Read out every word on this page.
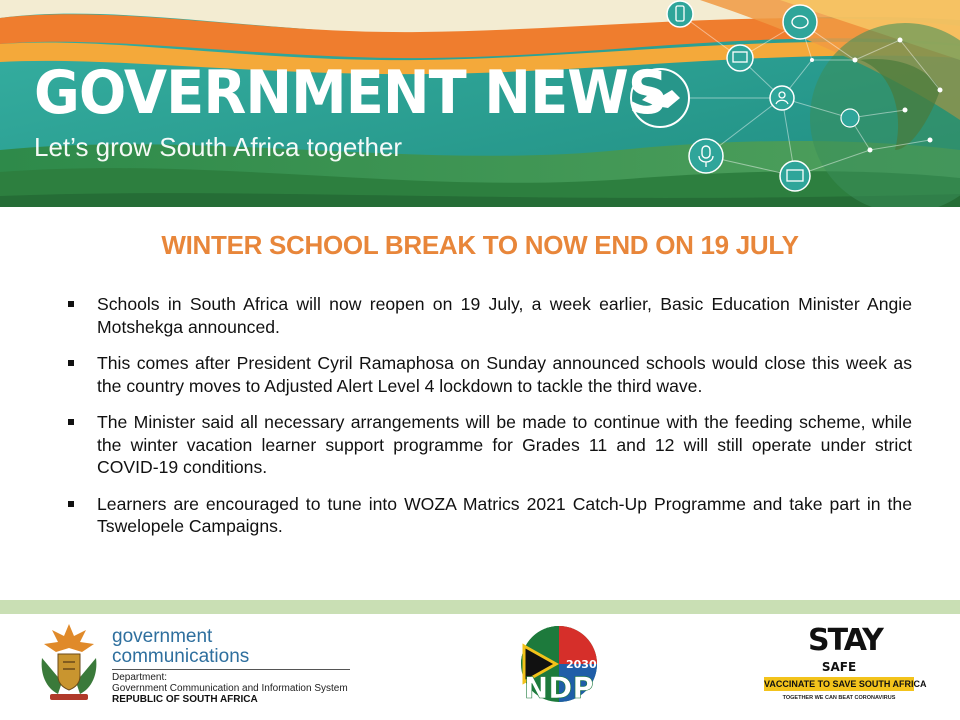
GOVERNMENT NEWS
Let’s grow South Africa together
WINTER SCHOOL BREAK TO NOW END ON 19 JULY
Schools in South Africa will now reopen on 19 July, a week earlier, Basic Education Minister Angie Motshekga announced.
This comes after President Cyril Ramaphosa on Sunday announced schools would close this week as the country moves to Adjusted Alert Level 4 lockdown to tackle the third wave.
The Minister said all necessary arrangements will be made to continue with the feeding scheme, while the winter vacation learner support programme for Grades 11 and 12 will still operate under strict COVID-19 conditions.
Learners are encouraged to tune into WOZA Matrics 2021 Catch-Up Programme and take part in the Tswelopele Campaigns.
government
communications
Department:
Government Communication and Information System
REPUBLIC OF SOUTH AFRICA
2030
NDP
STAY
SAFE
VACCINATE TO SAVE SOUTH AFRICA
TOGETHER WE CAN BEAT CORONAVIRUS
